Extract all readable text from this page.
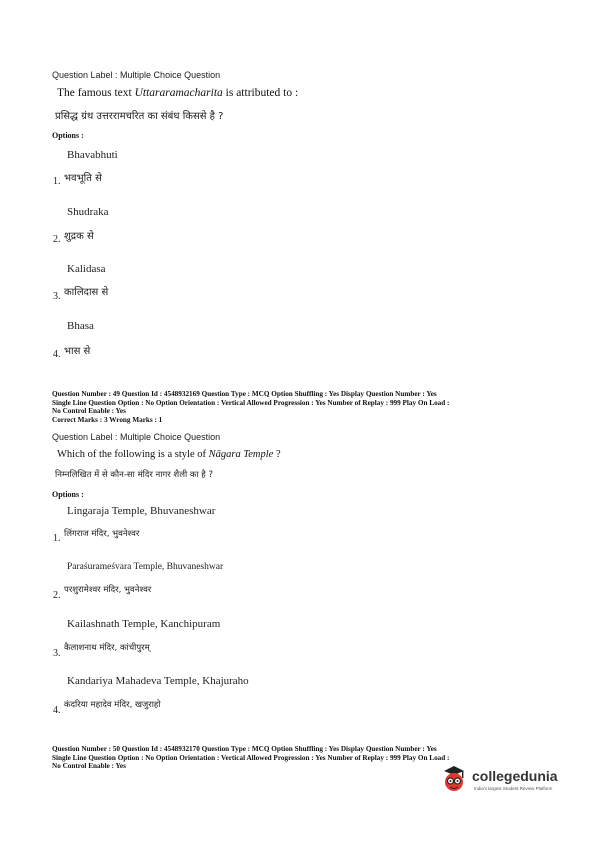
Question Label : Multiple Choice Question
The famous text Uttararamacharita is attributed to :
प्रसिद्ध ग्रंथ उत्तररामचरित का संबंध किससे है ?
Options :
Bhavabhuti
1. भवभूति से
Shudraka
2. शुद्रक से
Kalidasa
3. कालिदास से
Bhasa
4. भास से
Question Number : 49 Question Id : 4548932169 Question Type : MCQ Option Shuffling : Yes Display Question Number : Yes
Single Line Question Option : No Option Orientation : Vertical Allowed Progression : Yes Number of Replay : 999 Play On Load :
No Control Enable : Yes
Correct Marks : 3 Wrong Marks : 1
Question Label : Multiple Choice Question
Which of the following is a style of Nāgara Temple ?
निम्नलिखित में से कौन-सा मंदिर नागर शैली का है ?
Options :
Lingaraja Temple, Bhuvaneshwar
1. लिंगराज मंदिर, भुवनेश्वर
Paraśurameśvara Temple, Bhuvaneshwar
2. परशुरामेश्वर मंदिर, भुवनेश्वर
Kailashnath Temple, Kanchipuram
3. कैलाशनाथ मंदिर, कांचीपुरम्
Kandariya Mahadeva Temple, Khajuraho
4. कंदरिया महादेव मंदिर, खजुराहो
Question Number : 50 Question Id : 4548932170 Question Type : MCQ Option Shuffling : Yes Display Question Number : Yes
Single Line Question Option : No Option Orientation : Vertical Allowed Progression : Yes Number of Replay : 999 Play On Load :
No Control Enable : Yes
collegedunia
India's largest Student Review Platform
